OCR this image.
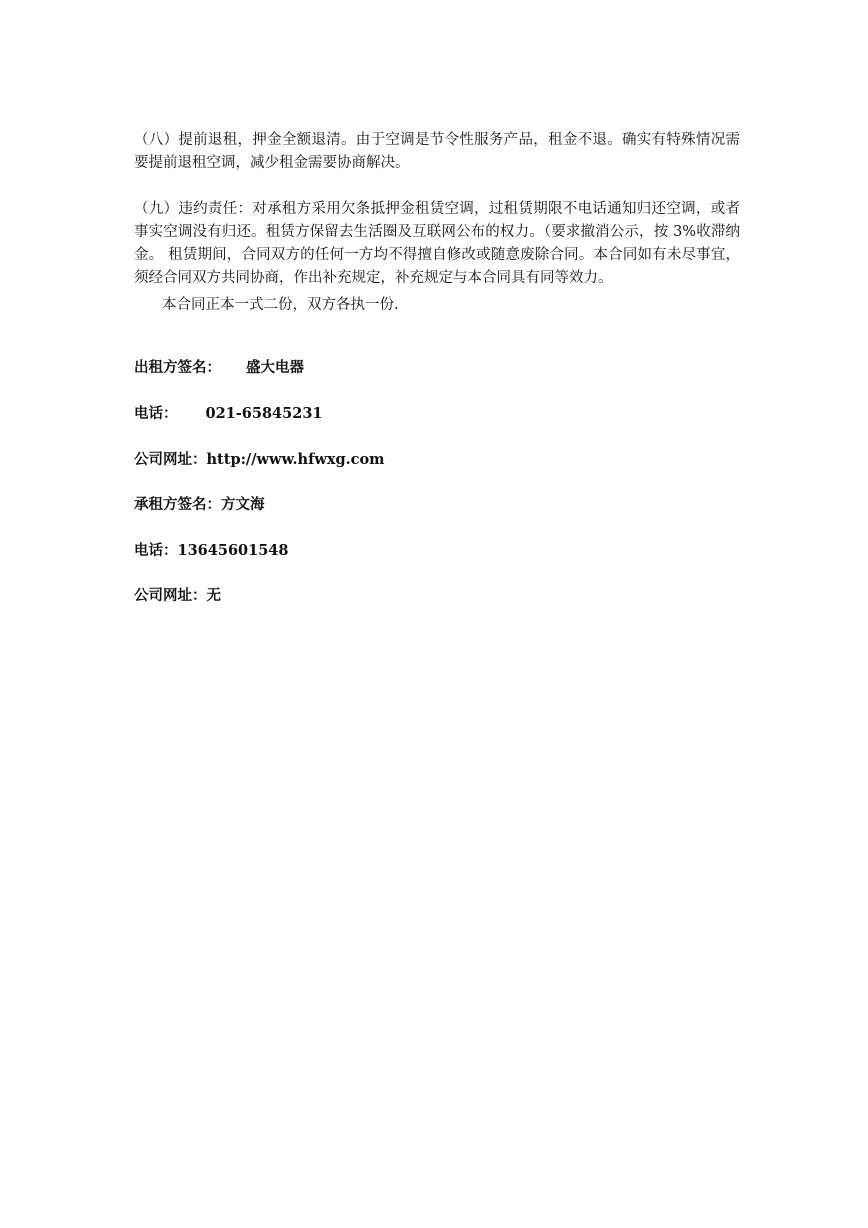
（八）提前退租，押金全额退清。由于空调是节令性服务产品，租金不退。确实有特殊情况需要提前退租空调，减少租金需要协商解决。

（九）违约责任：对承租方采用欠条抵押金租赁空调，过租赁期限不电话通知归还空调，或者事实空调没有归还。租赁方保留去生活圈及互联网公布的权力。（要求撤消公示，按 3%收滞纳金。 租赁期间，合同双方的任何一方均不得擅自修改或随意废除合同。本合同如有未尽事宜，须经合同双方共同协商，作出补充规定，补充规定与本合同具有同等效力。

本合同正本一式二份，双方各执一份.

出租方签名： 盛大电器
电话： 021-65845231
公司网址：http://www.hfwxg.com
承租方签名：方文海
电话：13645601548
公司网址：无
